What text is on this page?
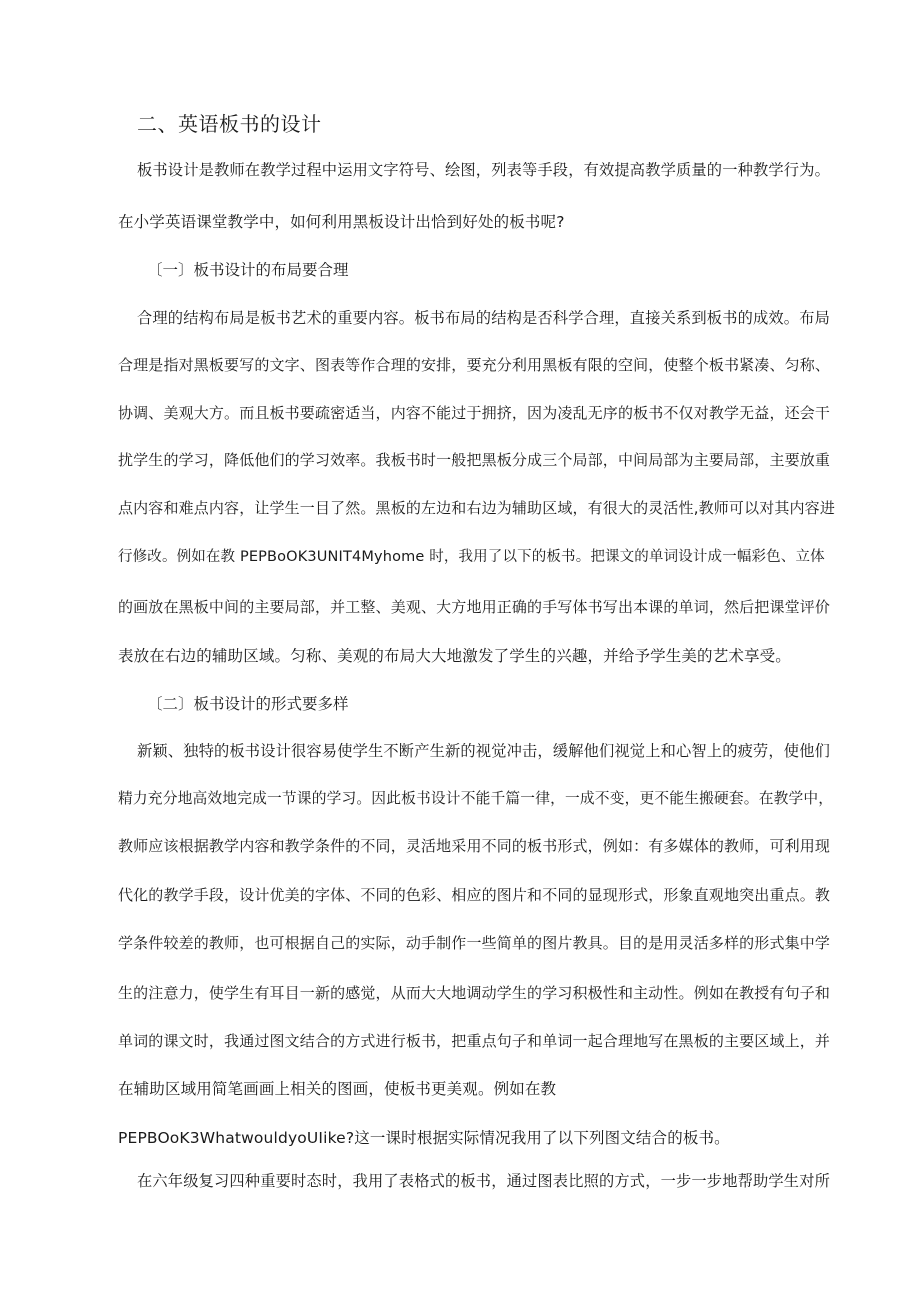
二、英语板书的设计
板书设计是教师在教学过程中运用文字符号、绘图，列表等手段，有效提高教学质量的一种教学行为。
在小学英语课堂教学中，如何利用黑板设计出恰到好处的板书呢?
〔一〕板书设计的布局要合理
合理的结构布局是板书艺术的重要内容。板书布局的结构是否科学合理，直接关系到板书的成效。布局
合理是指对黑板要写的文字、图表等作合理的安排，要充分利用黑板有限的空间，使整个板书紧凑、匀称、
协调、美观大方。而且板书要疏密适当，内容不能过于拥挤，因为凌乱无序的板书不仅对教学无益，还会干
扰学生的学习，降低他们的学习效率。我板书时一般把黑板分成三个局部，中间局部为主要局部，主要放重
点内容和难点内容，让学生一目了然。黑板的左边和右边为辅助区域，有很大的灵活性,教师可以对其内容进
行修改。例如在教 PEPBoOK3UNIT4Myhome 时，我用了以下的板书。把课文的单词设计成一幅彩色、立体
的画放在黑板中间的主要局部，并工整、美观、大方地用正确的手写体书写出本课的单词，然后把课堂评价
表放在右边的辅助区域。匀称、美观的布局大大地激发了学生的兴趣，并给予学生美的艺术享受。
〔二〕板书设计的形式要多样
新颖、独特的板书设计很容易使学生不断产生新的视觉冲击，缓解他们视觉上和心智上的疲劳，使他们
精力充分地高效地完成一节课的学习。因此板书设计不能千篇一律，一成不变，更不能生搬硬套。在教学中，
教师应该根据教学内容和教学条件的不同，灵活地采用不同的板书形式，例如：有多媒体的教师，可利用现
代化的教学手段，设计优美的字体、不同的色彩、相应的图片和不同的显现形式，形象直观地突出重点。教
学条件较差的教师，也可根据自己的实际，动手制作一些简单的图片教具。目的是用灵活多样的形式集中学
生的注意力，使学生有耳目一新的感觉，从而大大地调动学生的学习积极性和主动性。例如在教授有句子和
单词的课文时，我通过图文结合的方式进行板书，把重点句子和单词一起合理地写在黑板的主要区域上，并
在辅助区域用简笔画画上相关的图画，使板书更美观。例如在教
PEPBOoK3WhatwouldyoUIike?这一课时根据实际情况我用了以下列图文结合的板书。
在六年级复习四种重要时态时，我用了表格式的板书，通过图表比照的方式，一步一步地帮助学生对所
